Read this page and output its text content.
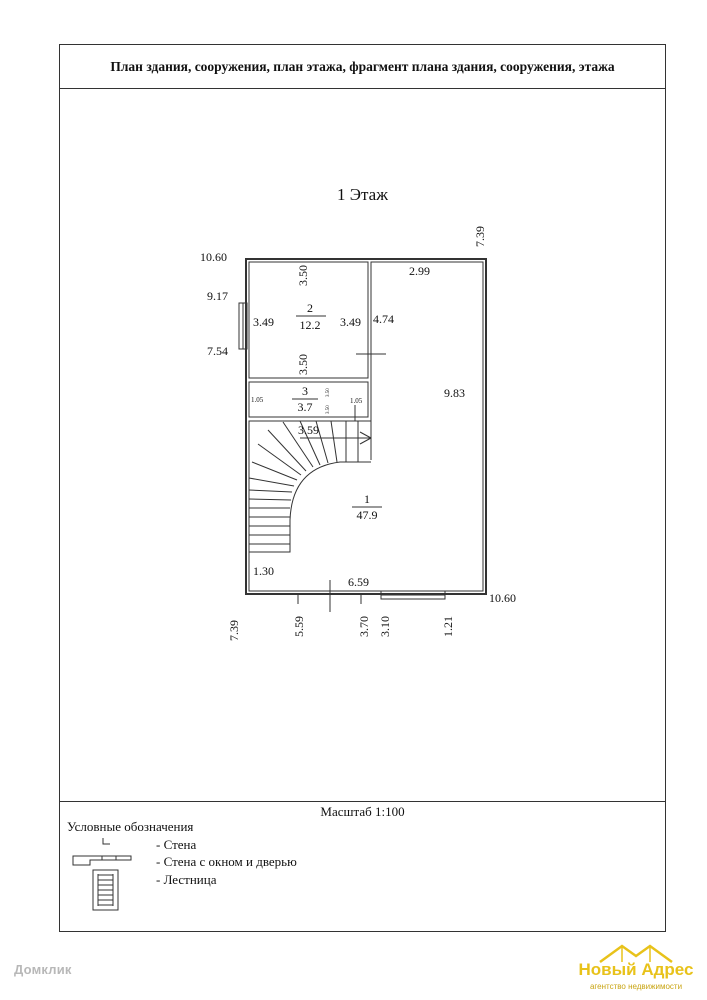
План здания, сооружения, план этажа, фрагмент плана здания, сооружения, этажа
1 Этаж
Масштаб 1:100
Условные обозначения
- Стена
- Стена с окном и дверью
- Лестница
10.60
7.39
9.17
7.54
3.50
3.49	3.49
3.50
4.74
2.99
9.83
1.05	1.05
3.50
3.50
3.59
1.30
6.59
10.60
7.39	5.59	3.70 3.10	1.21
2
12.2
3
3.7
1
47.9
Домклик	Новый Адрес
агентство недвижимости
